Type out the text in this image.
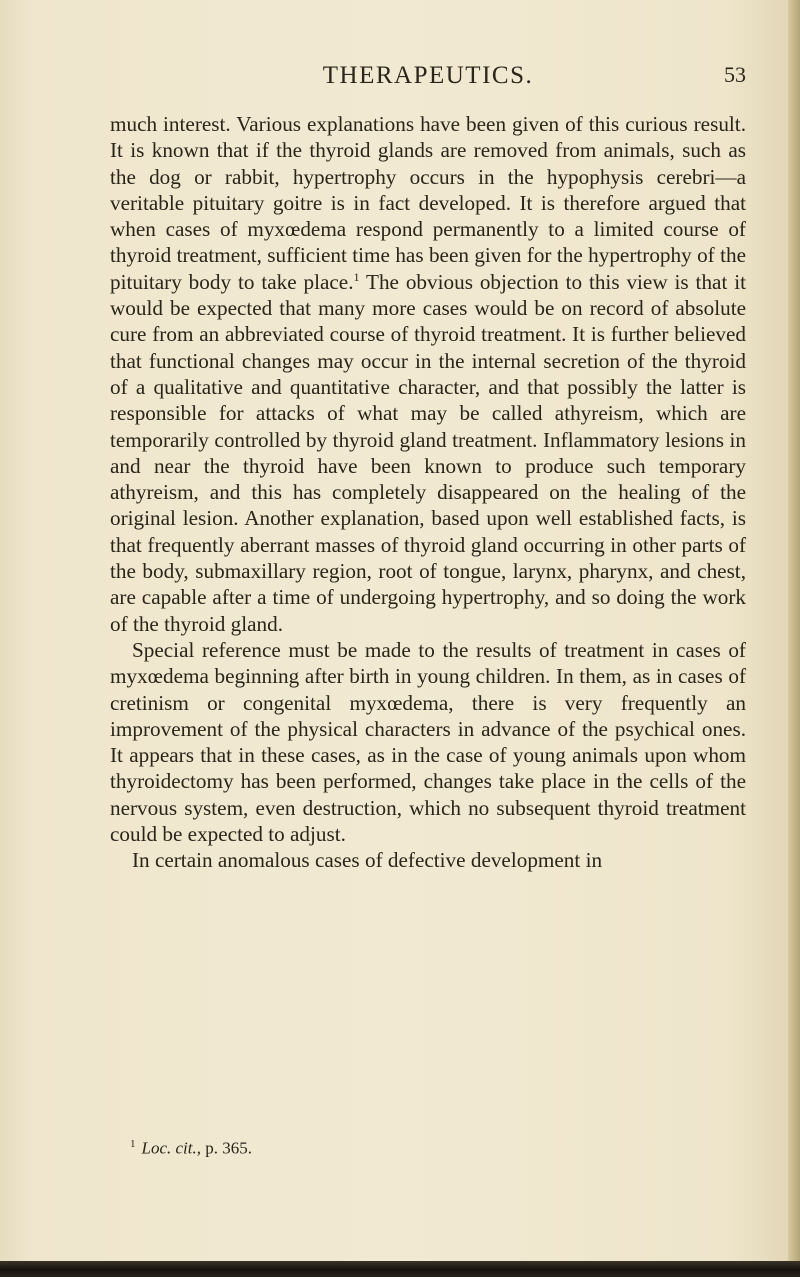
THERAPEUTICS.	53

much interest. Various explanations have been given of this curious result. It is known that if the thyroid glands are removed from animals, such as the dog or rabbit, hypertrophy occurs in the hypophysis cerebri—a veritable pituitary goitre is in fact developed. It is therefore argued that when cases of myxœdema respond permanently to a limited course of thyroid treatment, sufficient time has been given for the hypertrophy of the pituitary body to take place.$^1$ The obvious objection to this view is that it would be expected that many more cases would be on record of absolute cure from an abbreviated course of thyroid treatment. It is further believed that functional changes may occur in the internal secretion of the thyroid of a qualitative and quantitative character, and that possibly the latter is responsible for attacks of what may be called athyreism, which are temporarily controlled by thyroid gland treatment. Inflammatory lesions in and near the thyroid have been known to produce such temporary athyreism, and this has completely disappeared on the healing of the original lesion. Another explanation, based upon well established facts, is that frequently aberrant masses of thyroid gland occurring in other parts of the body, submaxillary region, root of tongue, larynx, pharynx, and chest, are capable after a time of undergoing hypertrophy, and so doing the work of the thyroid gland.

Special reference must be made to the results of treatment in cases of myxœdema beginning after birth in young children. In them, as in cases of cretinism or congenital myxœdema, there is very frequently an improvement of the physical characters in advance of the psychical ones. It appears that in these cases, as in the case of young animals upon whom thyroidectomy has been performed, changes take place in the cells of the nervous system, even destruction, which no subsequent thyroid treatment could be expected to adjust.

In certain anomalous cases of defective development in

$^1$ Loc. cit., p. 365.
